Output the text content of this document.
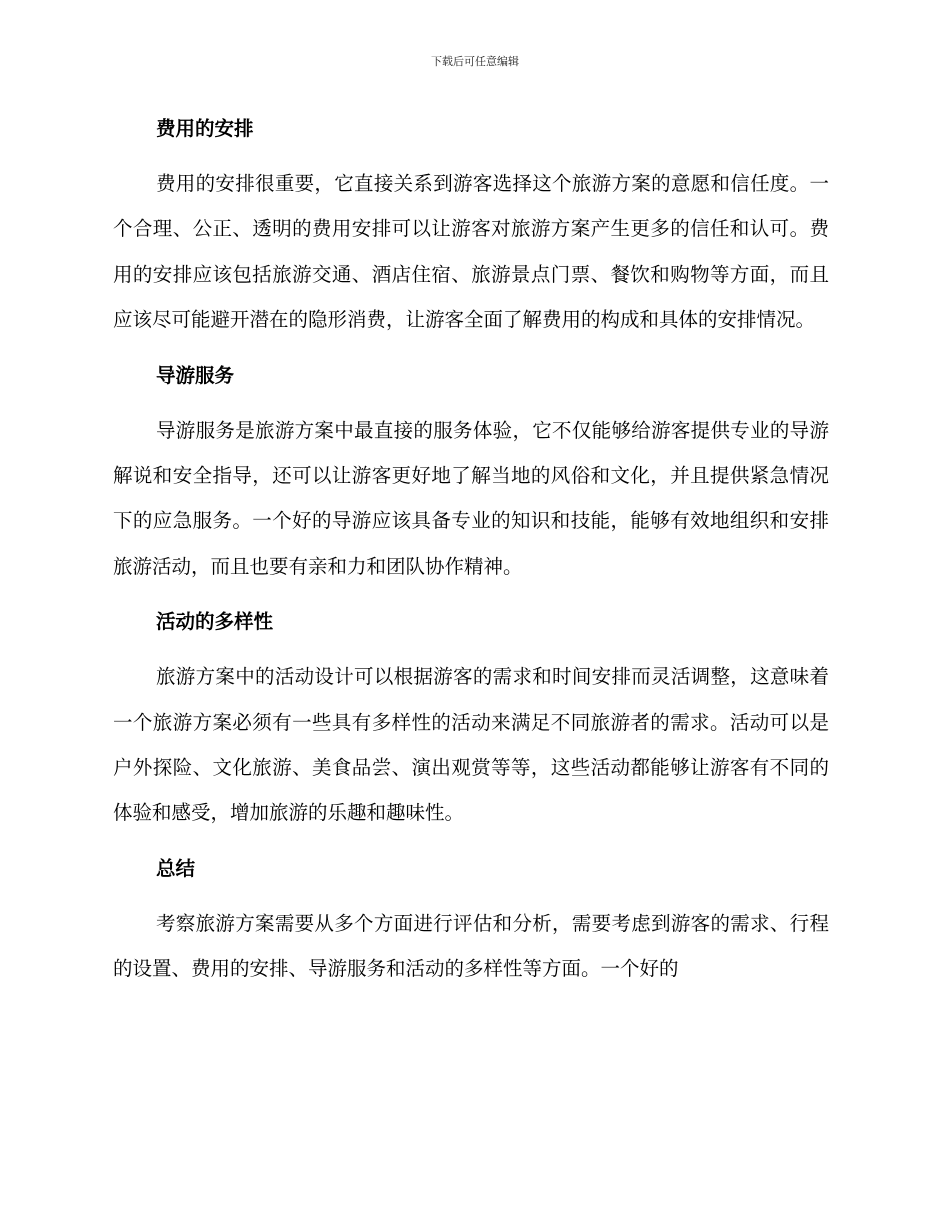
下载后可任意编辑
费用的安排

费用的安排很重要，它直接关系到游客选择这个旅游方案的意愿和信任度。一个合理、公正、透明的费用安排可以让游客对旅游方案产生更多的信任和认可。费用的安排应该包括旅游交通、酒店住宿、旅游景点门票、餐饮和购物等方面，而且应该尽可能避开潜在的隐形消费，让游客全面了解费用的构成和具体的安排情况。

导游服务

导游服务是旅游方案中最直接的服务体验，它不仅能够给游客提供专业的导游解说和安全指导，还可以让游客更好地了解当地的风俗和文化，并且提供紧急情况下的应急服务。一个好的导游应该具备专业的知识和技能，能够有效地组织和安排旅游活动，而且也要有亲和力和团队协作精神。

活动的多样性

旅游方案中的活动设计可以根据游客的需求和时间安排而灵活调整，这意味着一个旅游方案必须有一些具有多样性的活动来满足不同旅游者的需求。活动可以是户外探险、文化旅游、美食品尝、演出观赏等等，这些活动都能够让游客有不同的体验和感受，增加旅游的乐趣和趣味性。

总结

考察旅游方案需要从多个方面进行评估和分析，需要考虑到游客的需求、行程的设置、费用的安排、导游服务和活动的多样性等方面。一个好的
